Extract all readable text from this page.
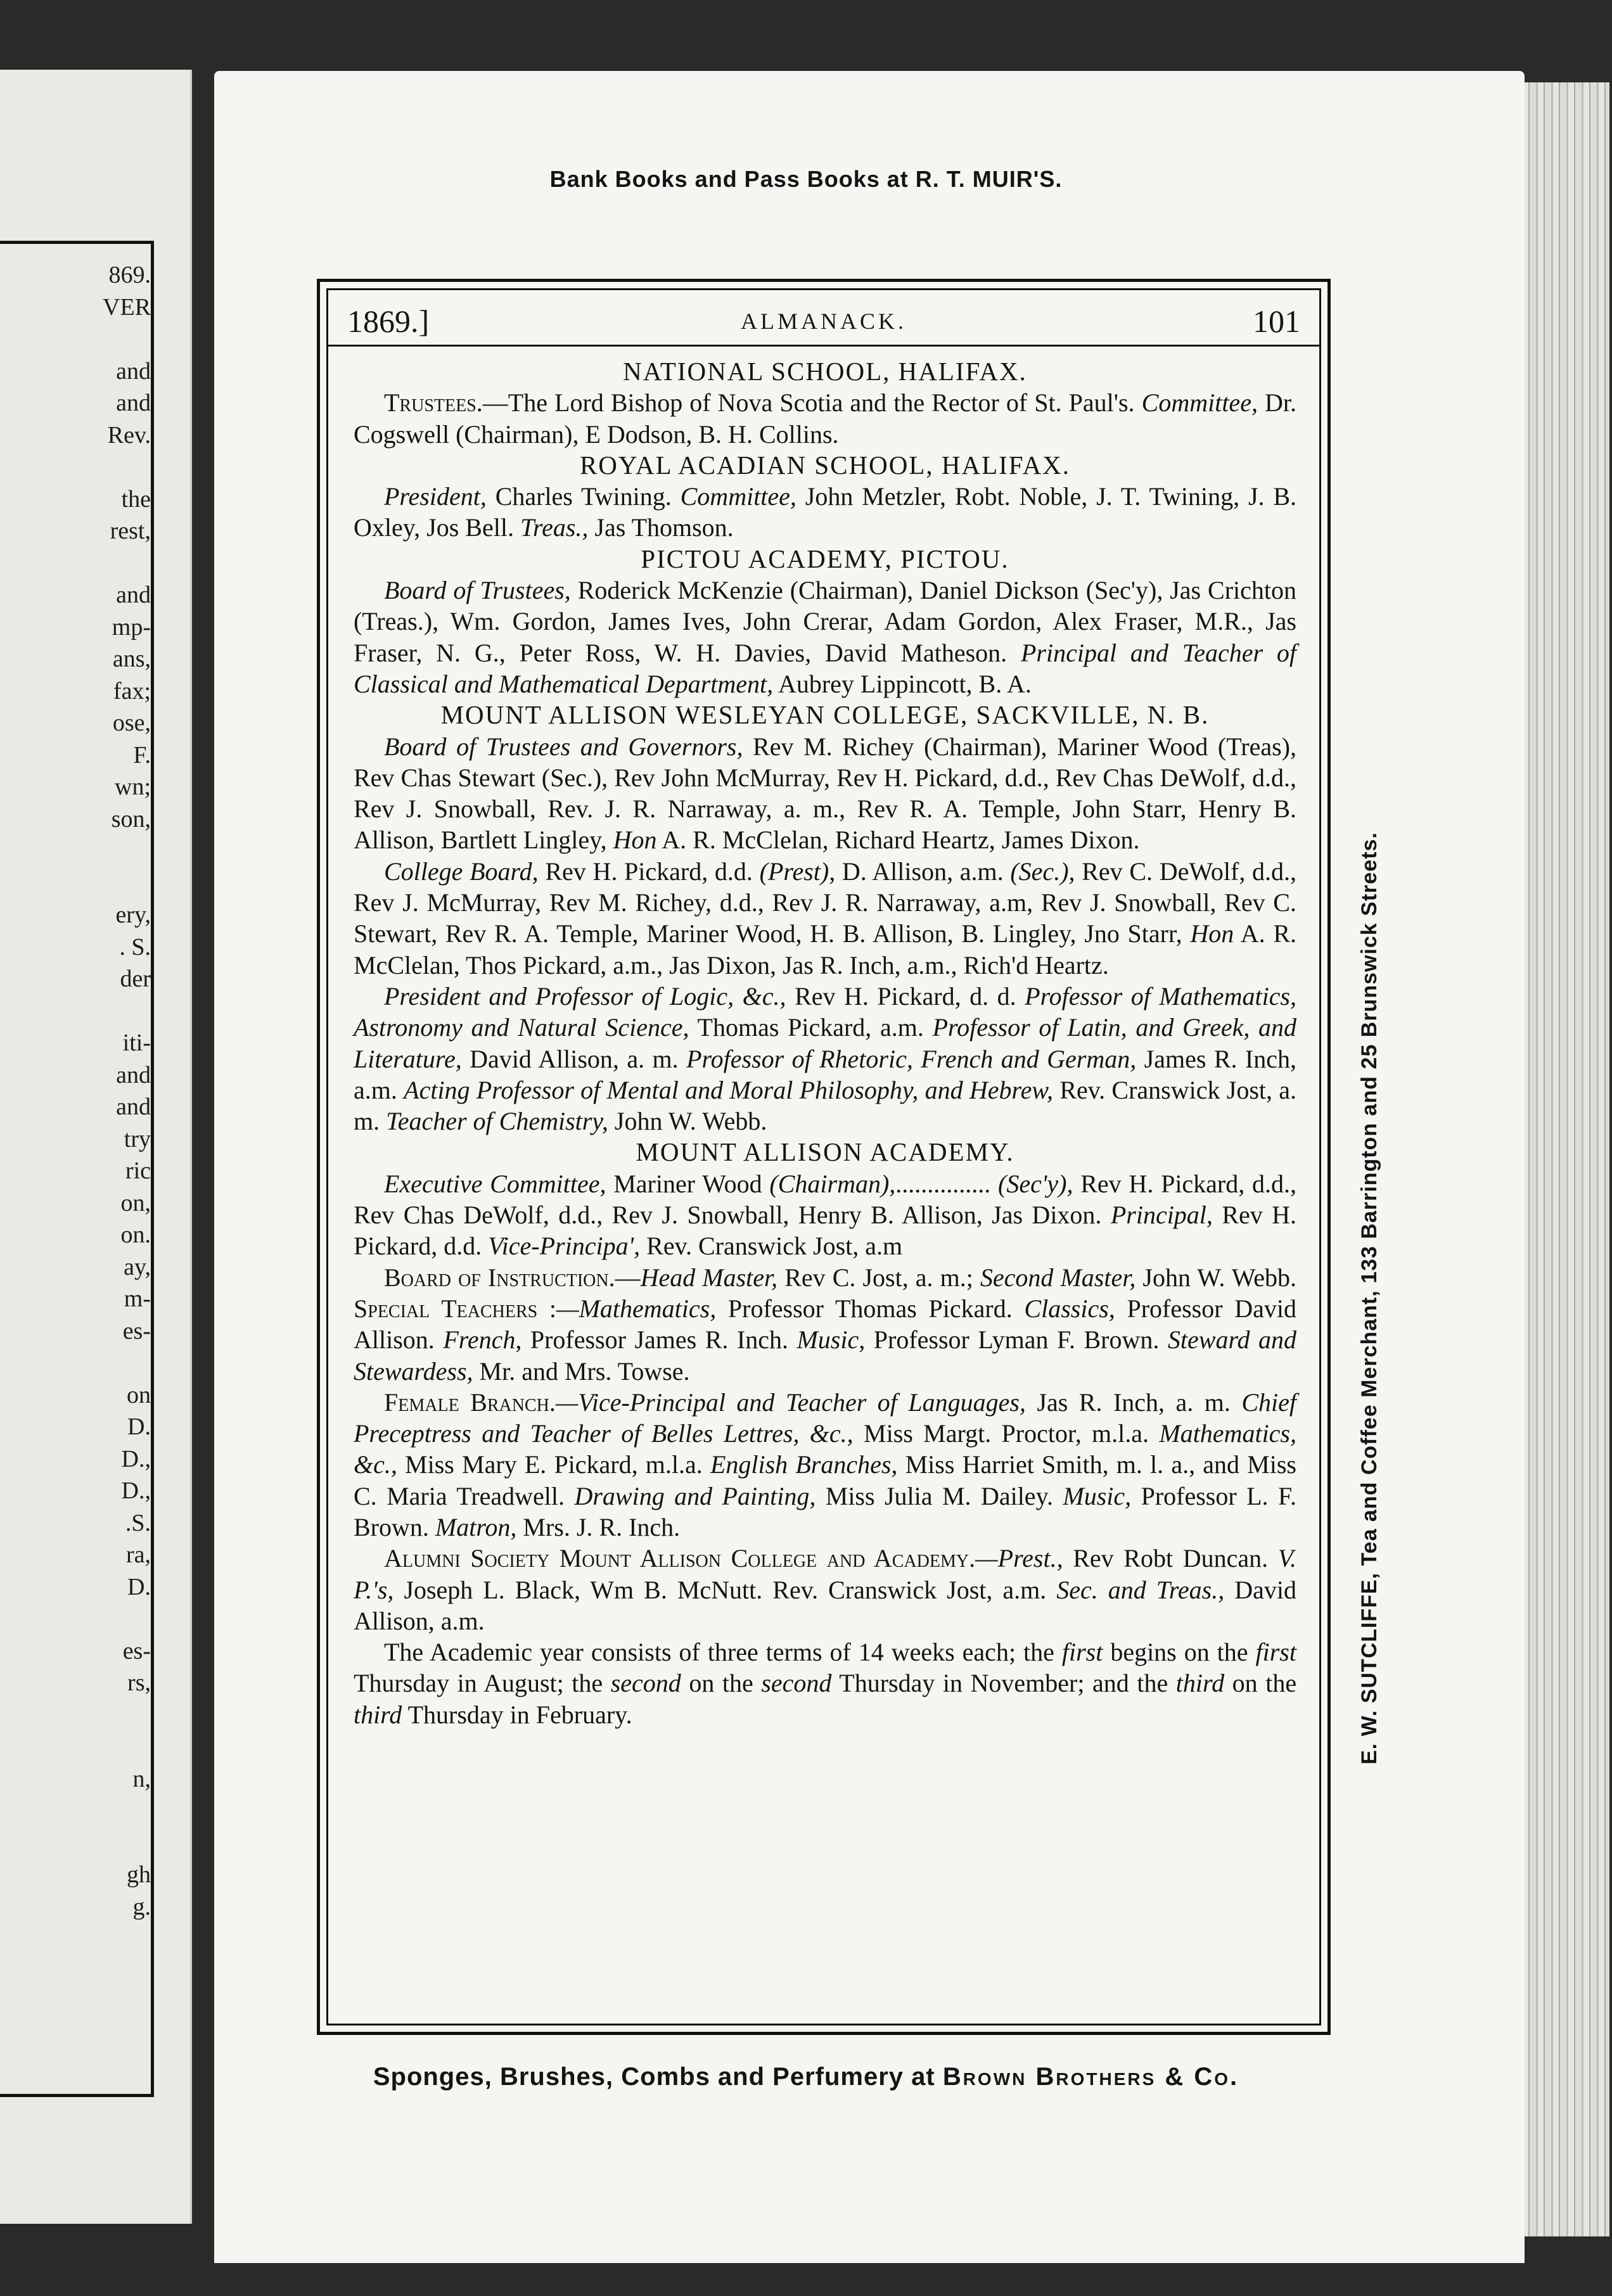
869.
VER
and
and
Rev.
the
rest,
and
mp-
ans,
fax;
ose,
F.
wn;
son,
ery,
. S.
der
iti-
and
and
try
ric
on,
on.
ay,
m-
es-
on
D.
D.,
D.,
.S.
ra,
D.
es-
rs,
n,
gh
g.
Bank Books and Pass Books at R. T. MUIR'S.
E. W. SUTCLIFFE, Tea and Coffee Merchant, 133 Barrington and 25 Brunswick Streets.
Sponges, Brushes, Combs and Perfumery at Brown Brothers & Co.
1869.]	ALMANACK.	101
NATIONAL SCHOOL, HALIFAX.

Trustees.—The Lord Bishop of Nova Scotia and the Rector of St. Paul's. Committee, Dr. Cogswell (Chairman), E Dodson, B. H. Collins.

ROYAL ACADIAN SCHOOL, HALIFAX.

President, Charles Twining. Committee, John Metzler, Robt. Noble, J. T. Twining, J. B. Oxley, Jos Bell. Treas., Jas Thomson.

PICTOU ACADEMY, PICTOU.

Board of Trustees, Roderick McKenzie (Chairman), Daniel Dickson (Sec'y), Jas Crichton (Treas.), Wm. Gordon, James Ives, John Crerar, Adam Gordon, Alex Fraser, M.R., Jas Fraser, N. G., Peter Ross, W. H. Davies, David Matheson. Principal and Teacher of Classical and Mathematical Department, Aubrey Lippincott, B. A.

MOUNT ALLISON WESLEYAN COLLEGE, SACKVILLE, N. B.

Board of Trustees and Governors, Rev M. Richey (Chairman), Mariner Wood (Treas), Rev Chas Stewart (Sec.), Rev John McMurray, Rev H. Pickard, d.d., Rev Chas DeWolf, d.d., Rev J. Snowball, Rev. J. R. Narraway, a. m., Rev R. A. Temple, John Starr, Henry B. Allison, Bartlett Lingley, Hon A. R. McClelan, Richard Heartz, James Dixon.

College Board, Rev H. Pickard, d.d. (Prest), D. Allison, a.m. (Sec.), Rev C. DeWolf, d.d., Rev J. McMurray, Rev M. Richey, d.d., Rev J. R. Narraway, a.m, Rev J. Snowball, Rev C. Stewart, Rev R. A. Temple, Mariner Wood, H. B. Allison, B. Lingley, Jno Starr, Hon A. R. McClelan, Thos Pickard, a.m., Jas Dixon, Jas R. Inch, a.m., Rich'd Heartz.

President and Professor of Logic, &c., Rev H. Pickard, d. d. Professor of Mathematics, Astronomy and Natural Science, Thomas Pickard, a.m. Professor of Latin, and Greek, and Literature, David Allison, a. m. Professor of Rhetoric, French and German, James R. Inch, a.m. Acting Professor of Mental and Moral Philosophy, and Hebrew, Rev. Cranswick Jost, a. m. Teacher of Chemistry, John W. Webb.

MOUNT ALLISON ACADEMY.

Executive Committee, Mariner Wood (Chairman),............... (Sec'y), Rev H. Pickard, d.d., Rev Chas DeWolf, d.d., Rev J. Snowball, Henry B. Allison, Jas Dixon. Principal, Rev H. Pickard, d.d. Vice-Principa', Rev. Cranswick Jost, a.m

Board of Instruction.—Head Master, Rev C. Jost, a. m.; Second Master, John W. Webb. Special Teachers :—Mathematics, Professor Thomas Pickard. Classics, Professor David Allison. French, Professor James R. Inch. Music, Professor Lyman F. Brown. Steward and Stewardess, Mr. and Mrs. Towse.

Female Branch.—Vice-Principal and Teacher of Languages, Jas R. Inch, a. m. Chief Preceptress and Teacher of Belles Lettres, &c., Miss Margt. Proctor, m.l.a. Mathematics, &c., Miss Mary E. Pickard, m.l.a. English Branches, Miss Harriet Smith, m. l. a., and Miss C. Maria Treadwell. Drawing and Painting, Miss Julia M. Dailey. Music, Professor L. F. Brown. Matron, Mrs. J. R. Inch.

Alumni Society Mount Allison College and Academy.—Prest., Rev Robt Duncan. V. P.'s, Joseph L. Black, Wm B. McNutt. Rev. Cranswick Jost, a.m. Sec. and Treas., David Allison, a.m.

The Academic year consists of three terms of 14 weeks each; the first begins on the first Thursday in August; the second on the second Thursday in November; and the third on the third Thursday in February.
